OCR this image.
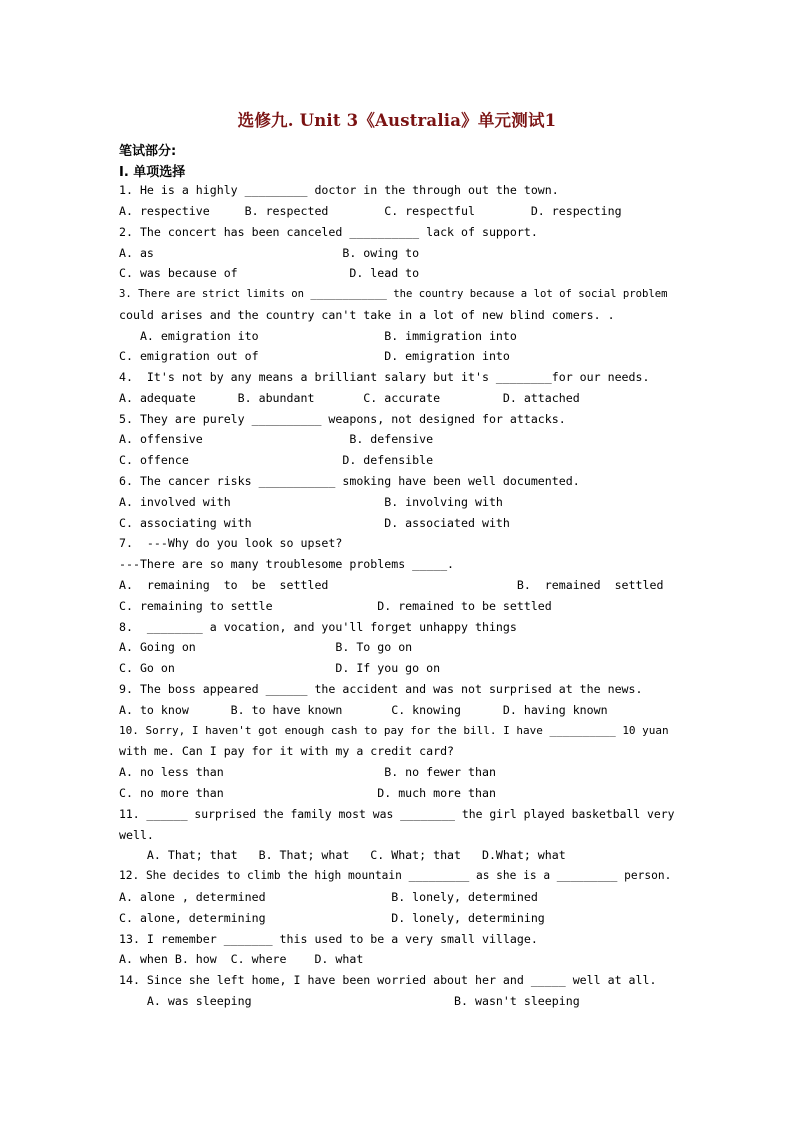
选修九. Unit 3《Australia》单元测试1
笔试部分:
I. 单项选择
1. He is a highly _________ doctor in the through out the town.
A. respective     B. respected        C. respectful        D. respecting
2. The concert has been canceled __________ lack of support.
A. as                           B. owing to
C. was because of                D. lead to
3. There are strict limits on ____________ the country because a lot of social problem
could arises and the country can't take in a lot of new blind comers. .
A. emigration ito                  B. immigration into
C. emigration out of                  D. emigration into
4.  It's not by any means a brilliant salary but it's ________for our needs.
A. adequate      B. abundant       C. accurate         D. attached
5. They are purely __________ weapons, not designed for attacks.
A. offensive                     B. defensive
C. offence                      D. defensible
6. The cancer risks ___________ smoking have been well documented.
A. involved with                      B. involving with
C. associating with                   D. associated with
7.  ---Why do you look so upset?
---There are so many troublesome problems _____.
A.  remaining  to  be  settled                           B.  remained  settled
C. remaining to settle               D. remained to be settled
8.  ________ a vocation, and you'll forget unhappy things
A. Going on                    B. To go on
C. Go on                       D. If you go on
9. The boss appeared ______ the accident and was not surprised at the news.
A. to know      B. to have known       C. knowing      D. having known
10. Sorry, I haven't got enough cash to pay for the bill. I have __________ 10 yuan
with me. Can I pay for it with my a credit card?
A. no less than                       B. no fewer than
C. no more than                      D. much more than
11. ______ surprised the family most was ________ the girl played basketball very
well.
A. That; that   B. That; what   C. What; that   D.What; what
12. She decides to climb the high mountain _________ as she is a _________ person.
A. alone , determined                  B. lonely, determined
C. alone, determining                  D. lonely, determining
13. I remember _______ this used to be a very small village.
A. when B. how  C. where    D. what
14. Since she left home, I have been worried about her and _____ well at all.
A. was sleeping                             B. wasn't sleeping
